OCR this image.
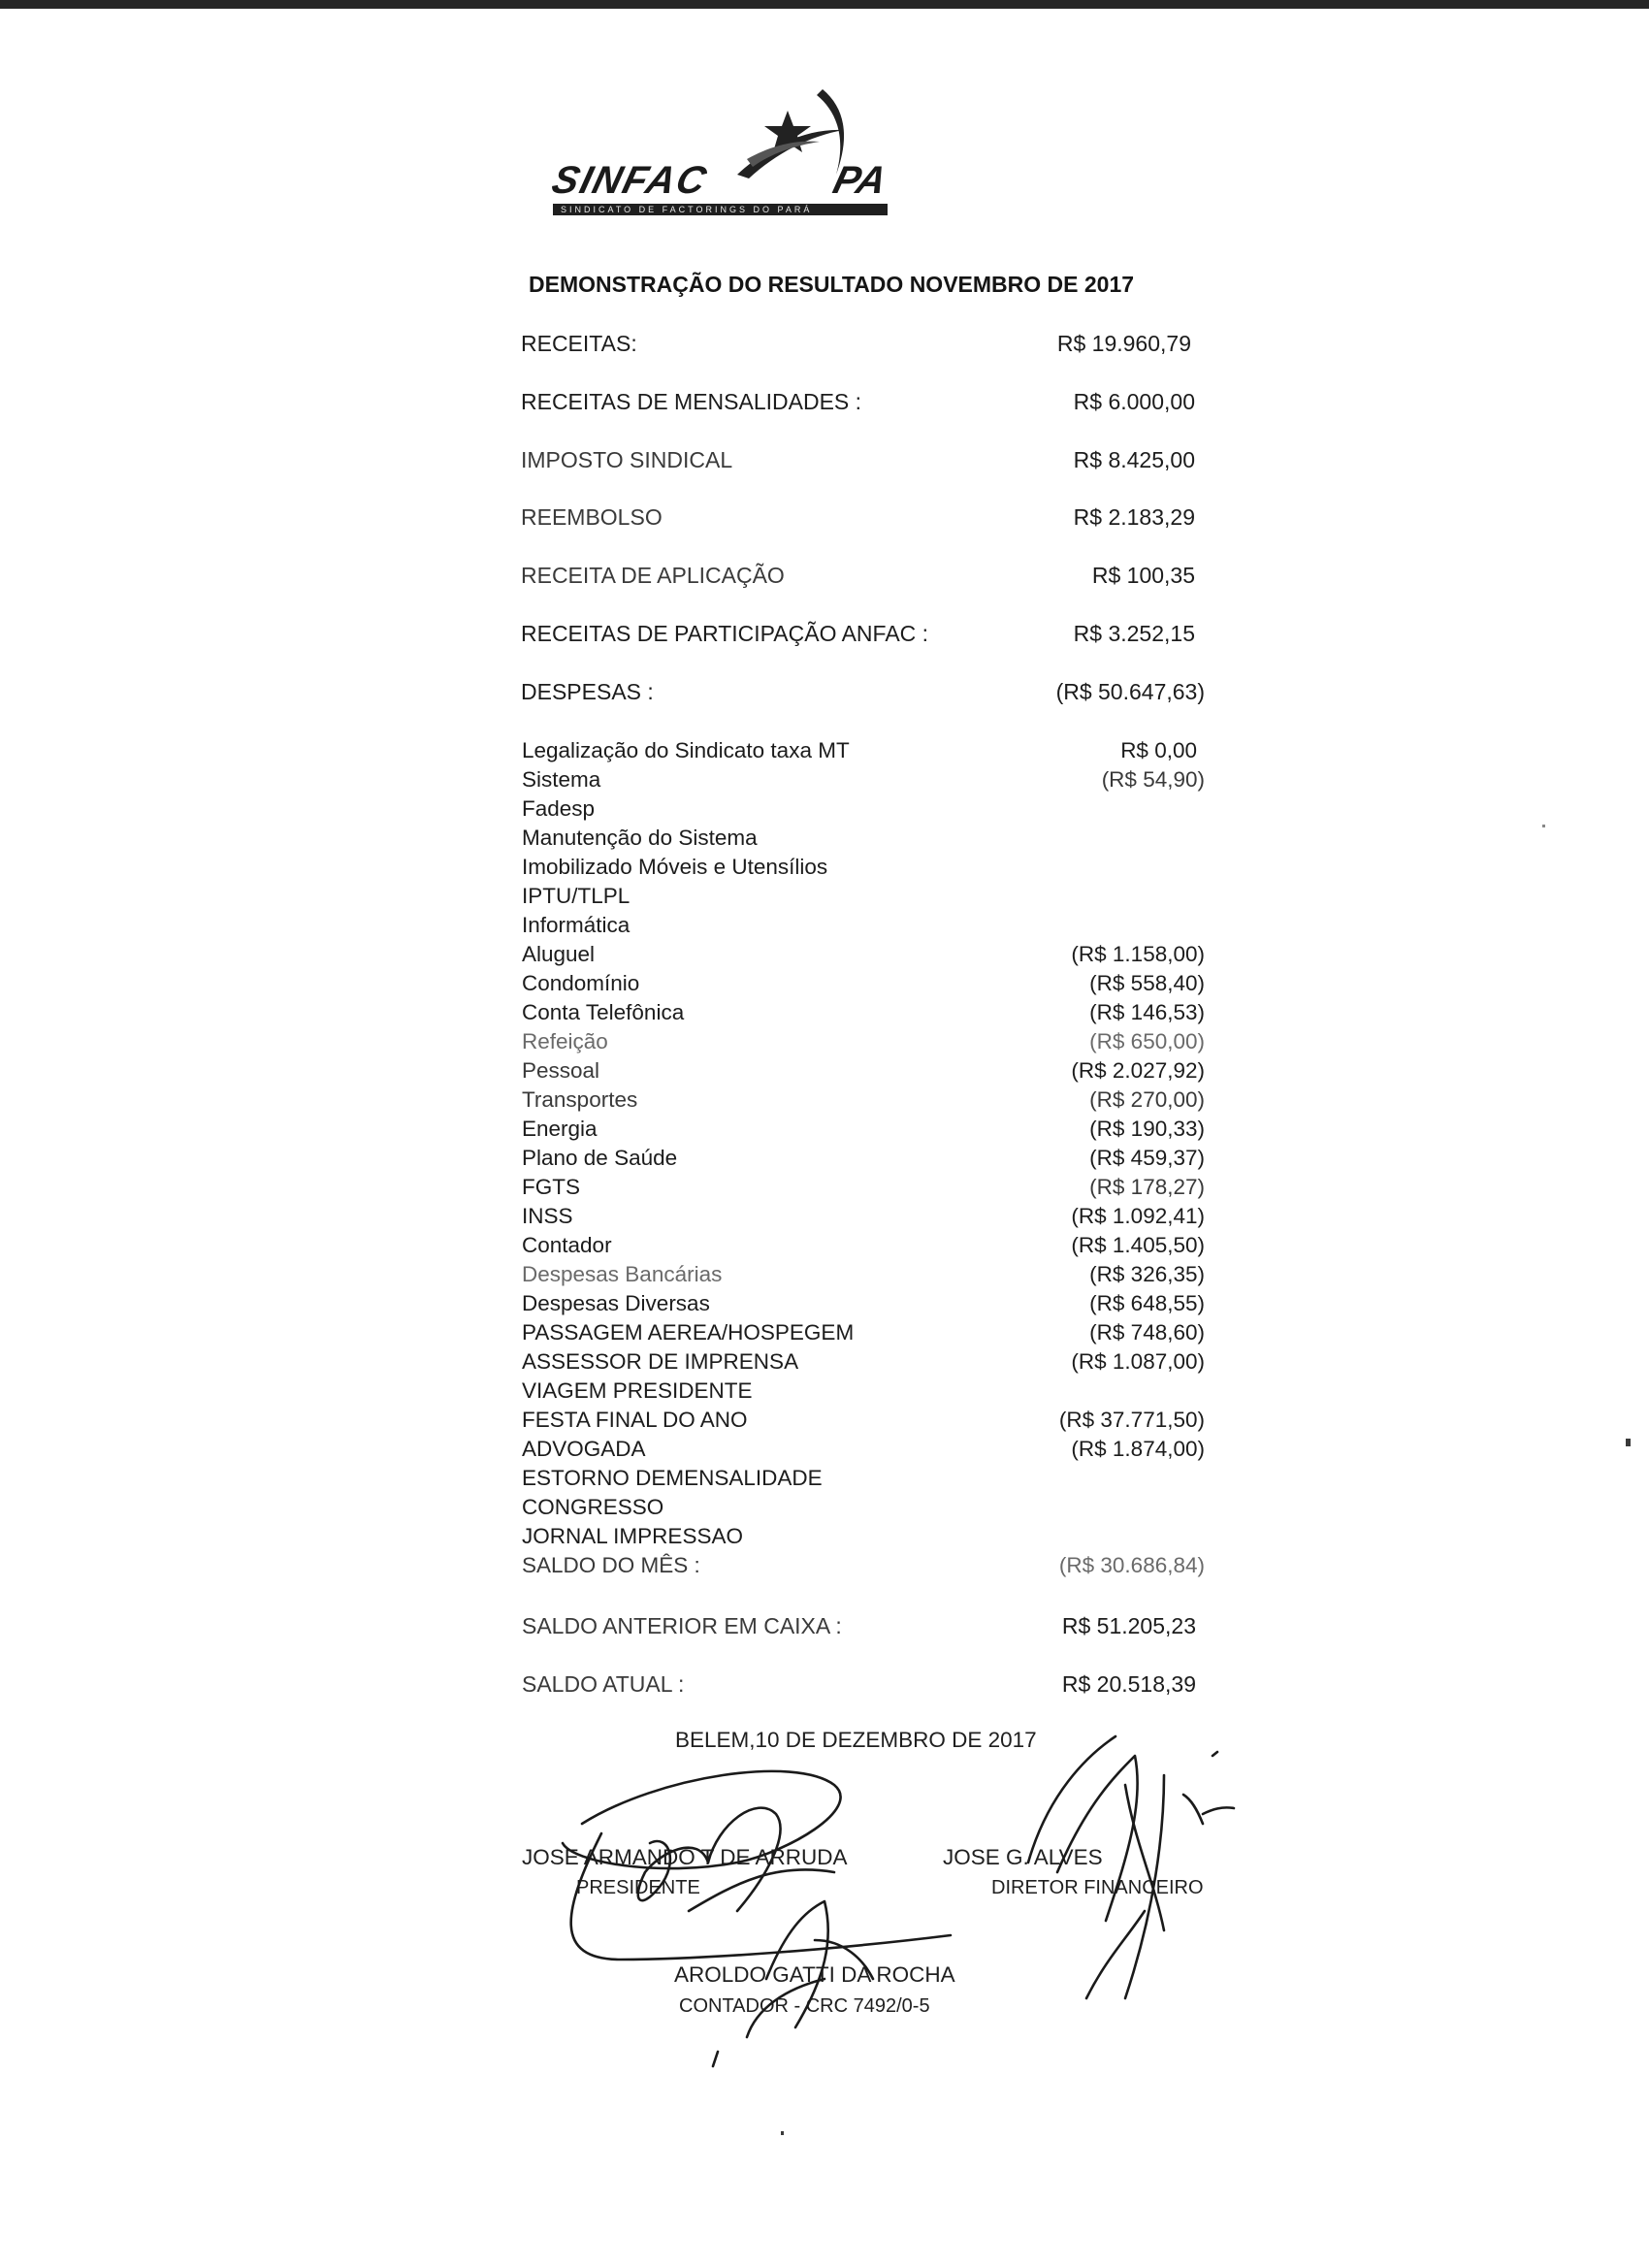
SINFAC	PA
SINDICATO DE FACTORINGS DO PARÁ
DEMONSTRAÇÃO DO RESULTADO NOVEMBRO DE 2017
RECEITAS:	R$ 19.960,79
RECEITAS DE MENSALIDADES :	R$ 6.000,00
IMPOSTO SINDICAL	R$ 8.425,00
REEMBOLSO	R$ 2.183,29
RECEITA DE APLICAÇÃO	R$ 100,35
RECEITAS DE PARTICIPAÇÃO ANFAC :	R$ 3.252,15
DESPESAS :	(R$ 50.647,63)
Legalização do Sindicato taxa MT	R$ 0,00
Sistema	(R$ 54,90)
Fadesp
Manutenção do Sistema
Imobilizado Móveis e Utensílios
IPTU/TLPL
Informática
Aluguel	(R$ 1.158,00)
Condomínio	(R$ 558,40)
Conta Telefônica	(R$ 146,53)
Refeição	(R$ 650,00)
Pessoal	(R$ 2.027,92)
Transportes	(R$ 270,00)
Energia	(R$ 190,33)
Plano de Saúde	(R$ 459,37)
FGTS	(R$ 178,27)
INSS	(R$ 1.092,41)
Contador	(R$ 1.405,50)
Despesas Bancárias	(R$ 326,35)
Despesas Diversas	(R$ 648,55)
PASSAGEM AEREA/HOSPEGEM	(R$ 748,60)
ASSESSOR DE IMPRENSA	(R$ 1.087,00)
VIAGEM PRESIDENTE
FESTA FINAL DO ANO	(R$ 37.771,50)
ADVOGADA	(R$ 1.874,00)
ESTORNO DEMENSALIDADE
CONGRESSO
JORNAL IMPRESSAO
SALDO DO MÊS :	(R$ 30.686,84)
SALDO ANTERIOR EM CAIXA :	R$ 51.205,23
SALDO ATUAL :	R$ 20.518,39
BELEM,10 DE DEZEMBRO DE 2017
JOSE ARMANDO T DE ARRUDA
PRESIDENTE
JOSE G. ALVES
DIRETOR FINANCEIRO
AROLDO GATTI DA ROCHA
CONTADOR - CRC 7492/0-5
